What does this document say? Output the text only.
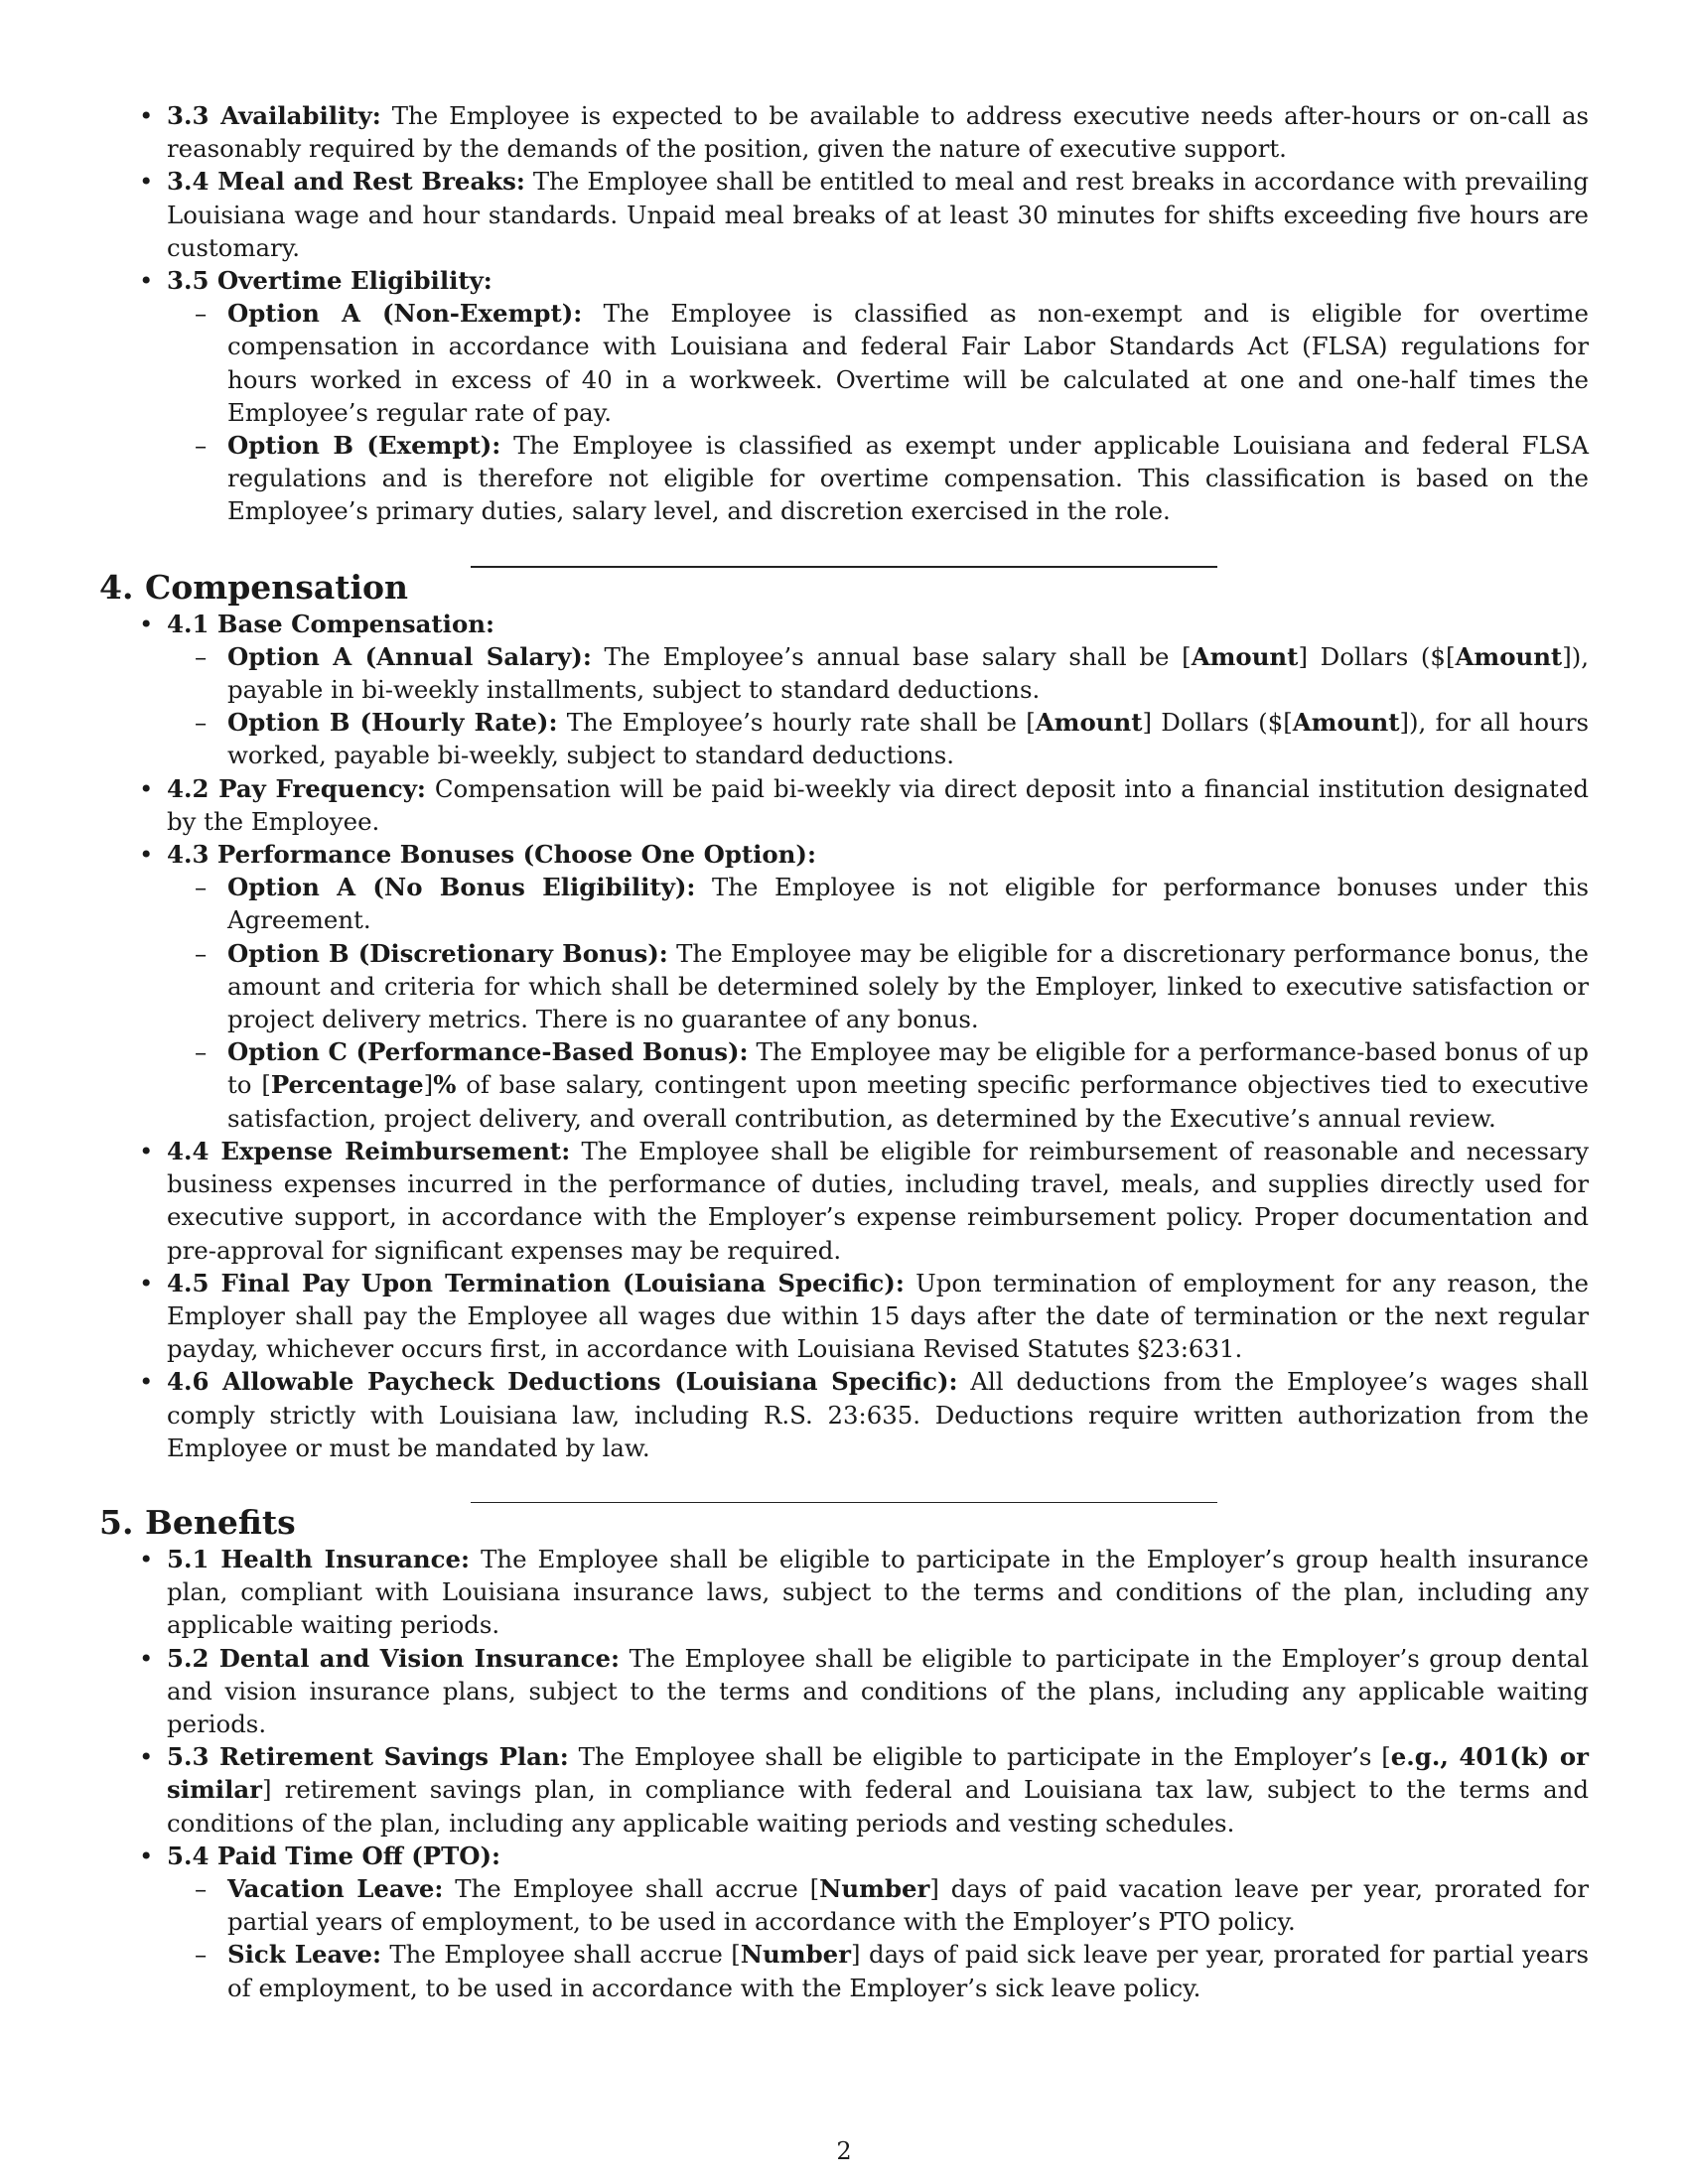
• 3.3 Availability: The Employee is expected to be available to address executive needs after-hours or on-call as reasonably required by the demands of the position, given the nature of executive support.
• 3.4 Meal and Rest Breaks: The Employee shall be entitled to meal and rest breaks in accordance with prevailing Louisiana wage and hour standards. Unpaid meal breaks of at least 30 minutes for shifts exceeding five hours are customary.
• 3.5 Overtime Eligibility:
– Option A (Non-Exempt): The Employee is classified as non-exempt and is eligible for overtime compensation in accordance with Louisiana and federal Fair Labor Standards Act (FLSA) regulations for hours worked in excess of 40 in a workweek. Overtime will be calculated at one and one-half times the Employee’s regular rate of pay.
– Option B (Exempt): The Employee is classified as exempt under applicable Louisiana and federal FLSA regulations and is therefore not eligible for overtime compensation. This classification is based on the Employee’s primary duties, salary level, and discretion exercised in the role.
4. Compensation
• 4.1 Base Compensation:
– Option A (Annual Salary): The Employee’s annual base salary shall be [Amount] Dollars ($[Amount]), payable in bi-weekly installments, subject to standard deductions.
– Option B (Hourly Rate): The Employee’s hourly rate shall be [Amount] Dollars ($[Amount]), for all hours worked, payable bi-weekly, subject to standard deductions.
• 4.2 Pay Frequency: Compensation will be paid bi-weekly via direct deposit into a financial institution designated by the Employee.
• 4.3 Performance Bonuses (Choose One Option):
– Option A (No Bonus Eligibility): The Employee is not eligible for performance bonuses under this Agreement.
– Option B (Discretionary Bonus): The Employee may be eligible for a discretionary performance bonus, the amount and criteria for which shall be determined solely by the Employer, linked to executive satisfaction or project delivery metrics. There is no guarantee of any bonus.
– Option C (Performance-Based Bonus): The Employee may be eligible for a performance-based bonus of up to [Percentage]% of base salary, contingent upon meeting specific performance objectives tied to executive satisfaction, project delivery, and overall contribution, as determined by the Executive’s annual review.
• 4.4 Expense Reimbursement: The Employee shall be eligible for reimbursement of reasonable and necessary business expenses incurred in the performance of duties, including travel, meals, and supplies directly used for executive support, in accordance with the Employer’s expense reimbursement policy. Proper documentation and pre-approval for significant expenses may be required.
• 4.5 Final Pay Upon Termination (Louisiana Specific): Upon termination of employment for any reason, the Employer shall pay the Employee all wages due within 15 days after the date of termination or the next regular payday, whichever occurs first, in accordance with Louisiana Revised Statutes §23:631.
• 4.6 Allowable Paycheck Deductions (Louisiana Specific): All deductions from the Employee’s wages shall comply strictly with Louisiana law, including R.S. 23:635. Deductions require written authorization from the Employee or must be mandated by law.
5. Benefits
• 5.1 Health Insurance: The Employee shall be eligible to participate in the Employer’s group health insurance plan, compliant with Louisiana insurance laws, subject to the terms and conditions of the plan, including any applicable waiting periods.
• 5.2 Dental and Vision Insurance: The Employee shall be eligible to participate in the Employer’s group dental and vision insurance plans, subject to the terms and conditions of the plans, including any applicable waiting periods.
• 5.3 Retirement Savings Plan: The Employee shall be eligible to participate in the Employer’s [e.g., 401(k) or similar] retirement savings plan, in compliance with federal and Louisiana tax law, subject to the terms and conditions of the plan, including any applicable waiting periods and vesting schedules.
• 5.4 Paid Time Off (PTO):
– Vacation Leave: The Employee shall accrue [Number] days of paid vacation leave per year, prorated for partial years of employment, to be used in accordance with the Employer’s PTO policy.
– Sick Leave: The Employee shall accrue [Number] days of paid sick leave per year, prorated for partial years of employment, to be used in accordance with the Employer’s sick leave policy.
2
